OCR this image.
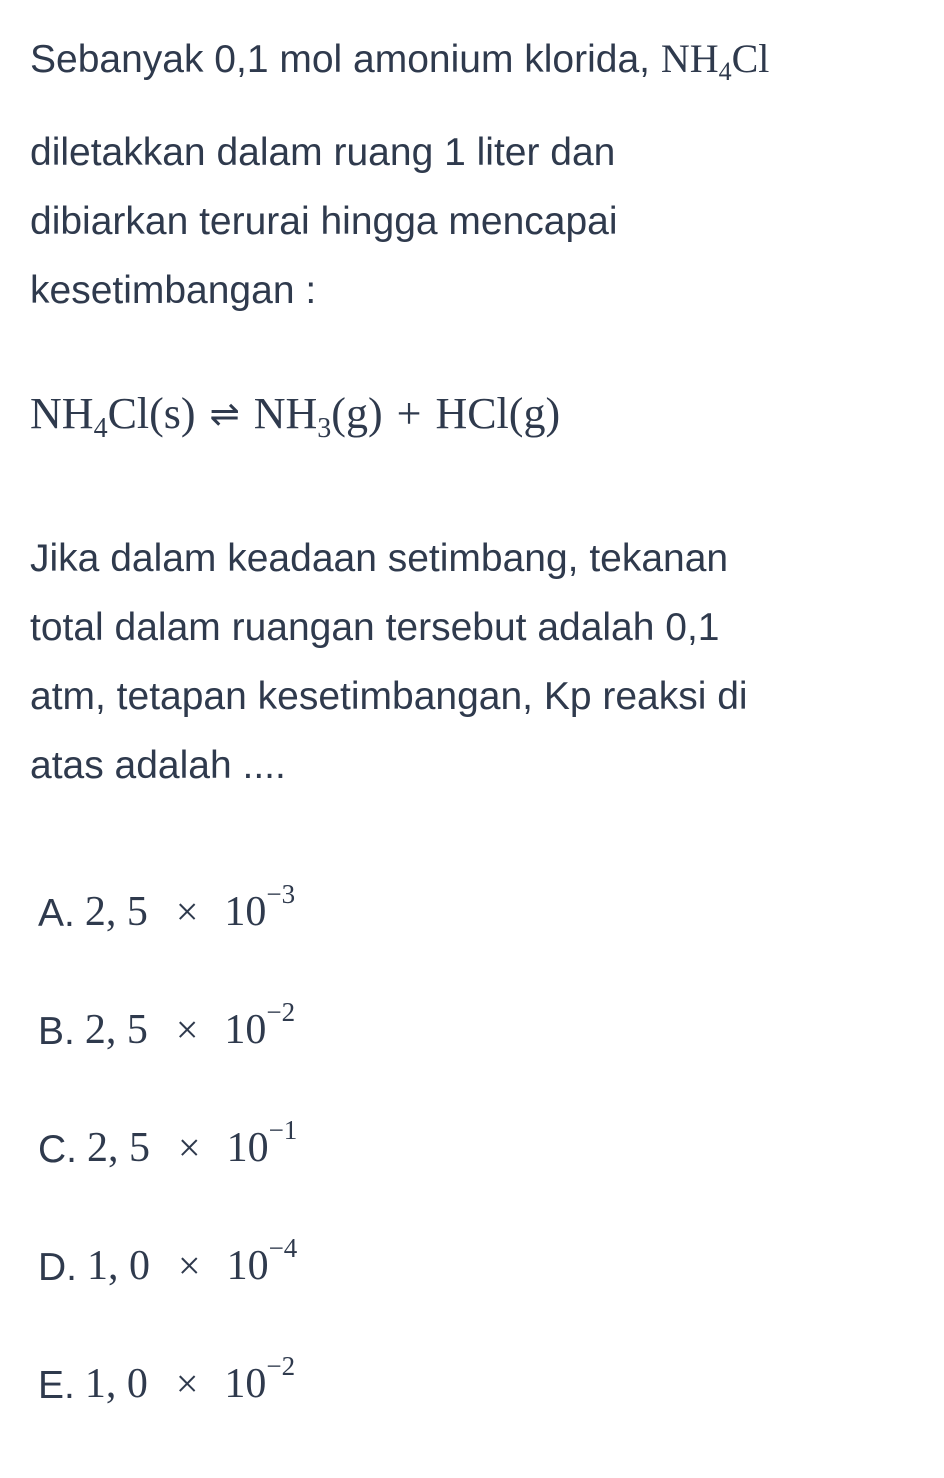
Sebanyak 0,1 mol amonium klorida, $NH_4Cl$
diletakkan dalam ruang 1 liter dan
dibiarkan terurai hingga mencapai
kesetimbangan :
$NH_4Cl(s)$ ⇌ $NH_3(g) + HCl(g)$
Jika dalam keadaan setimbang, tekanan
total dalam ruangan tersebut adalah 0,1
atm, tetapan kesetimbangan, Kp reaksi di
atas adalah ....
A. 2, $5 \times 10^{-3}$
B. 2, $5 \times 10^{-2}$
C. 2, $5 \times 10^{-1}$
D. 1, $0 \times 10^{-4}$
E. 1, $0 \times 10^{-2}$
